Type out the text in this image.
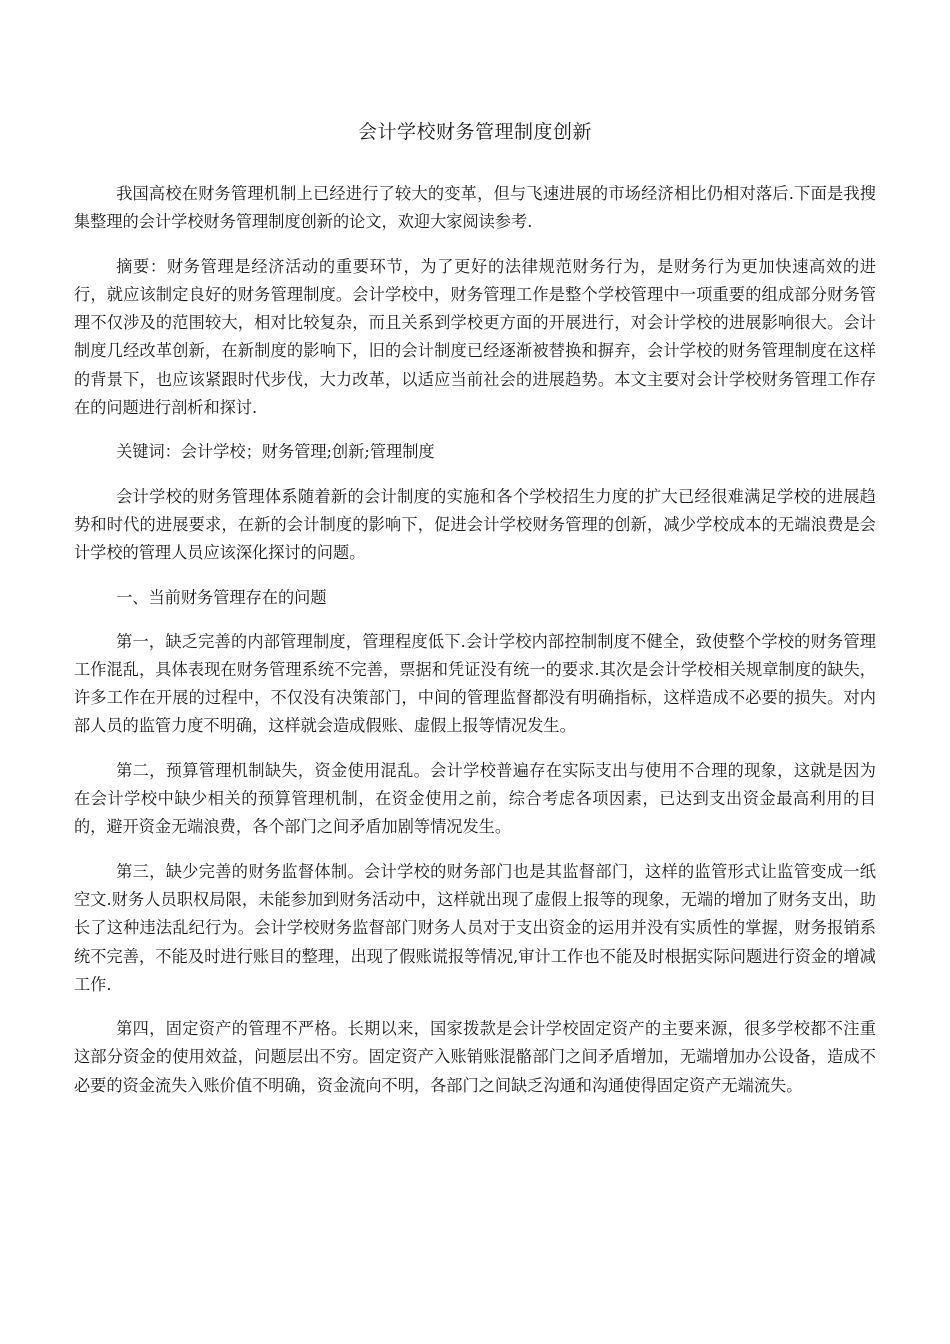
会计学校财务管理制度创新

我国高校在财务管理机制上已经进行了较大的变革，但与飞速进展的市场经济相比仍相对落后.下面是我搜集整理的会计学校财务管理制度创新的论文，欢迎大家阅读参考.

摘要：财务管理是经济活动的重要环节，为了更好的法律规范财务行为，是财务行为更加快速高效的进行，就应该制定良好的财务管理制度。会计学校中，财务管理工作是整个学校管理中一项重要的组成部分财务管理不仅涉及的范围较大，相对比较复杂，而且关系到学校更方面的开展进行，对会计学校的进展影响很大。会计制度几经改革创新，在新制度的影响下，旧的会计制度已经逐渐被替换和摒弃，会计学校的财务管理制度在这样的背景下，也应该紧跟时代步伐，大力改革，以适应当前社会的进展趋势。本文主要对会计学校财务管理工作存在的问题进行剖析和探讨.

关键词：会计学校；财务管理;创新;管理制度

会计学校的财务管理体系随着新的会计制度的实施和各个学校招生力度的扩大已经很难满足学校的进展趋势和时代的进展要求，在新的会计制度的影响下，促进会计学校财务管理的创新，减少学校成本的无端浪费是会计学校的管理人员应该深化探讨的问题。

一、当前财务管理存在的问题

第一，缺乏完善的内部管理制度，管理程度低下.会计学校内部控制制度不健全，致使整个学校的财务管理工作混乱，具体表现在财务管理系统不完善，票据和凭证没有统一的要求.其次是会计学校相关规章制度的缺失，许多工作在开展的过程中，不仅没有决策部门，中间的管理监督都没有明确指标，这样造成不必要的损失。对内部人员的监管力度不明确，这样就会造成假账、虚假上报等情况发生。

第二，预算管理机制缺失，资金使用混乱。会计学校普遍存在实际支出与使用不合理的现象，这就是因为在会计学校中缺少相关的预算管理机制，在资金使用之前，综合考虑各项因素，已达到支出资金最高利用的目的，避开资金无端浪费，各个部门之间矛盾加剧等情况发生。

第三，缺少完善的财务监督体制。会计学校的财务部门也是其监督部门，这样的监管形式让监管变成一纸空文.财务人员职权局限，未能参加到财务活动中，这样就出现了虚假上报等的现象，无端的增加了财务支出，助长了这种违法乱纪行为。会计学校财务监督部门财务人员对于支出资金的运用并没有实质性的掌握，财务报销系统不完善，不能及时进行账目的整理，出现了假账谎报等情况,审计工作也不能及时根据实际问题进行资金的增减工作.

第四，固定资产的管理不严格。长期以来，国家拨款是会计学校固定资产的主要来源，很多学校都不注重这部分资金的使用效益，问题层出不穷。固定资产入账销账混骼部门之间矛盾增加，无端增加办公设备，造成不必要的资金流失入账价值不明确，资金流向不明，各部门之间缺乏沟通和沟通使得固定资产无端流失。
